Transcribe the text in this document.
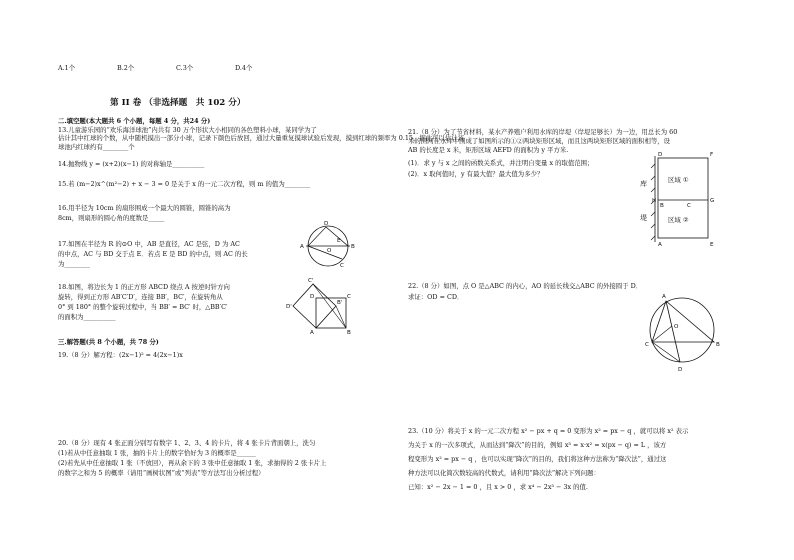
A.1个	B.2个	C.3个	D.4个
第 II 卷 （非选择题　共 102 分）
二.填空题(本大题共 6 个小题，每题 4 分，共24 分)
13.儿童游乐园的“欢乐海洋球池”内共有 30 万个形状大小相同的各色塑料小球，某同学为了
估计其中红球的个数，从中随机摸出一部分小球，记录下颜色后放回，通过大量重复摸球试验后发现，摸到红球的频率为 0.15，据此可以估计该
球池内红球约有________个
14.抛物线 y = (x+2)(x−1) 的对称轴是__________
15.若 (m−2)x^(m²−2) + x − 3 = 0 是关于 x 的一元二次方程，则 m 的值为________
16.用半径为 10cm 的扇形围成一个最大的圆锥，圆锥的高为
8cm，则扇形的圆心角的度数是_____
17.如图在半径为 R 的⊙O 中，AB 是直径，AC 是弦，D 为 AC
的中点，AC 与 BD 交于点 E．若点 E 是 BD 的中点，则 AC 的长
为________
18.如图，将边长为 1 的正方形 ABCD 绕点 A 按逆时针方向
旋转，得到正方形 AB′C′D′，连接 BB′，BC′，在旋转角从
0° 到 180° 的整个旋转过程中，当 BB′ = BC′ 时，△BB′C′
的面积为__________
三.解答题(共 8 个小题，共 78 分)
19.（8 分）解方程：(2x−1)² = 4(2x−1)x
20.（8 分）现有 4 张正面分别写有数字 1、2、3、4 的卡片，将 4 张卡片背面朝上，洗匀
(1)若从中任意抽取 1 张，抽的卡片上的数字恰好为 3 的概率是______
(2)若先从中任意抽取 1 张（不放回），再从余下的 3 张中任意抽取 1 张，求抽得的 2 张卡片上
的数字之和为 5 的概率（请用“画树状图”或“列表”等方法写出分析过程）
D
A
O
B
E
C
C'
B'
D'
D
A	B
C
21.（8 分）为了节省材料，某水产养殖户利用水库的岸堤（岸堤足够长）为一边，用总长为 60
米的围网在水库中围成了如图所示的①②两块矩形区域，而且这两块矩形区域的面积相等，设
AB 的长度是 x 米，矩形区域 AEFD 的面积为 y 平方米.
(1)．求 y 与 x 之间的函数关系式，并注明自变量 x 的取值范围；
(2)．x 取何值时，y 有最大值？最大值为多少？
库
堤
D	F
H	G
A	E
B	C
区域 ①
区域 ②
22.（8 分）如图，点 O 是△ABC 的内心，AO 的延长线交△ABC 的外接圆于 D．
求证：OD = CD．	A
O
C	B
D
23.（10 分）将关于 x 的一元二次方程 x² − px + q = 0 变形为 x² = px − q ，就可以将 x² 表示
为关于 x 的一次多项式，从而达到“降次”的目的，例如 x³ = x·x² = x(px − q) = L ，该方
程变形为 x² = px − q ，也可以实现“降次”的目的，我们将这种方法称为“降次法”，通过这
种方法可以化简次数较高的代数式，请利用“降次法”解决下列问题：
已知：x² − 2x − 1 = 0 ，且 x > 0 ，求 x⁴ − 2x³ − 3x 的值.
